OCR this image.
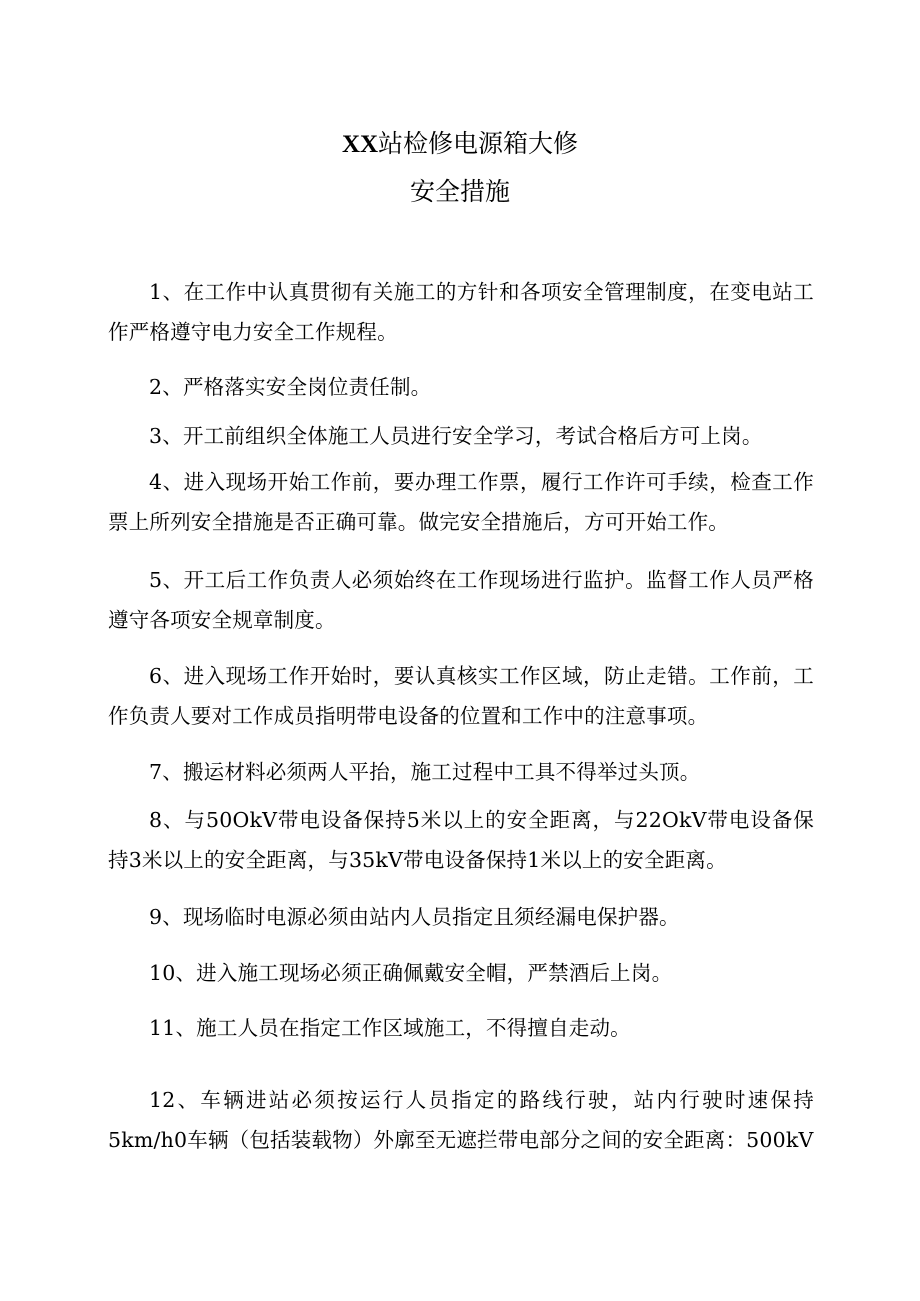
XX站检修电源箱大修
安全措施

1、在工作中认真贯彻有关施工的方针和各项安全管理制度，在变电站工作严格遵守电力安全工作规程。

2、严格落实安全岗位责任制。

3、开工前组织全体施工人员进行安全学习，考试合格后方可上岗。

4、进入现场开始工作前，要办理工作票，履行工作许可手续，检查工作票上所列安全措施是否正确可靠。做完安全措施后，方可开始工作。

5、开工后工作负责人必须始终在工作现场进行监护。监督工作人员严格遵守各项安全规章制度。

6、进入现场工作开始时，要认真核实工作区域，防止走错。工作前，工作负责人要对工作成员指明带电设备的位置和工作中的注意事项。

7、搬运材料必须两人平抬，施工过程中工具不得举过头顶。

8、与50OkV带电设备保持5米以上的安全距离，与22OkV带电设备保持3米以上的安全距离，与35kV带电设备保持1米以上的安全距离。

9、现场临时电源必须由站内人员指定且须经漏电保护器。

10、进入施工现场必须正确佩戴安全帽，严禁酒后上岗。

11、施工人员在指定工作区域施工，不得擅自走动。

12、车辆进站必须按运行人员指定的路线行驶，站内行驶时速保持5km∕h0车辆（包括装载物）外廓至无遮拦带电部分之间的安全距离：500kV
